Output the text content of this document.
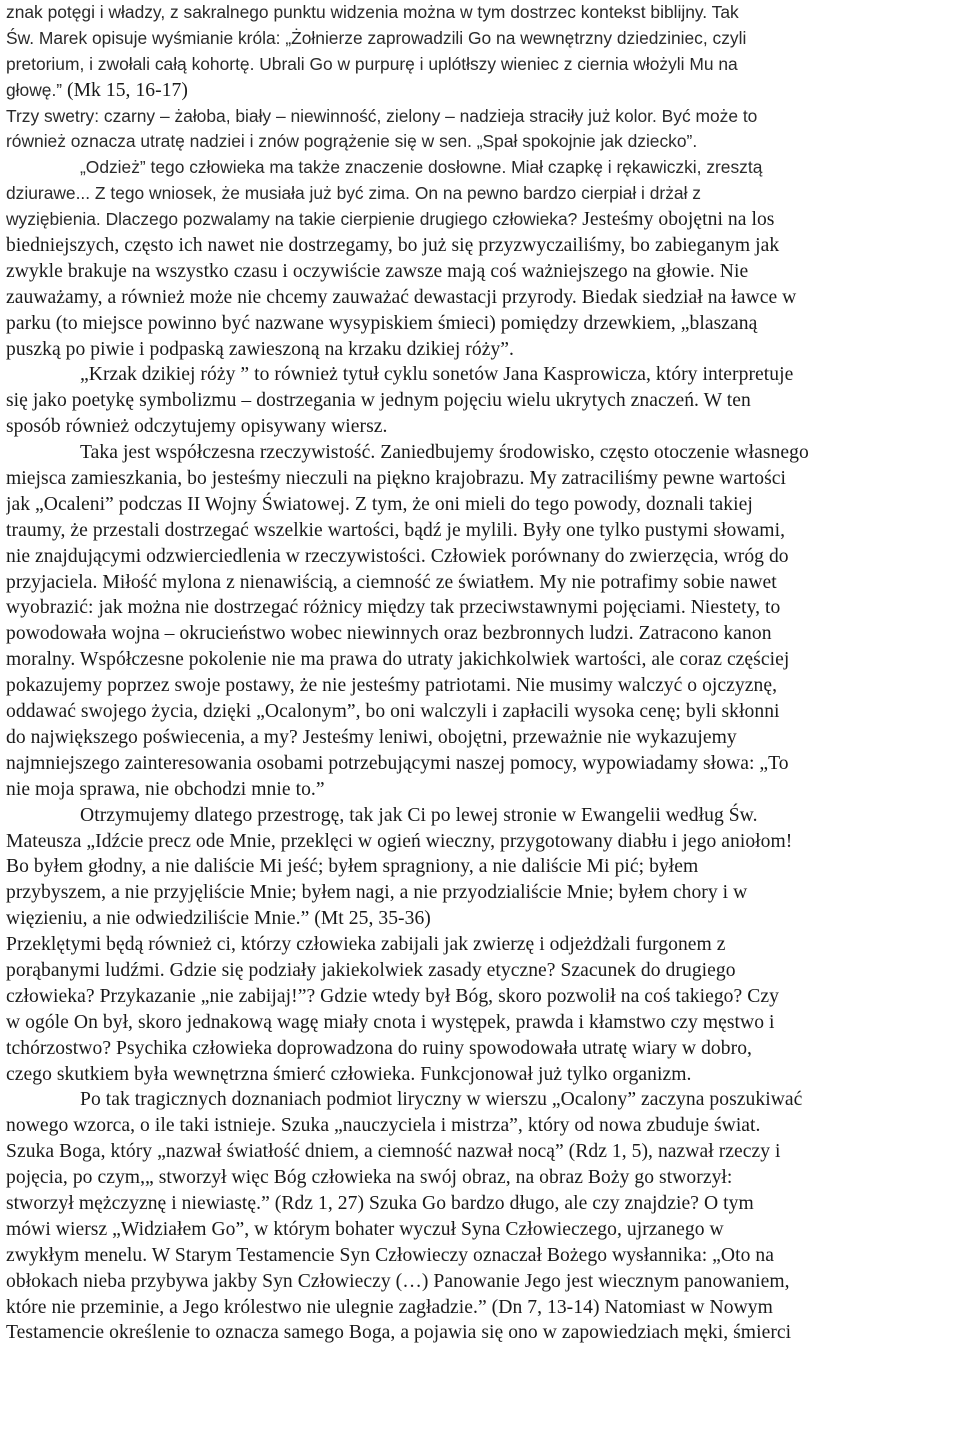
znak potęgi i władzy, z sakralnego punktu widzenia można w tym dostrzec kontekst biblijny. Tak
Św. Marek opisuje wyśmianie króla: „Żołnierze zaprowadzili Go na wewnętrzny dziedziniec, czyli
pretorium, i zwołali całą kohortę. Ubrali Go w purpurę i uplótłszy wieniec z ciernia włożyli Mu na
głowę.” (Mk 15, 16-17)
Trzy swetry: czarny – żałoba, biały – niewinność, zielony – nadzieja straciły już kolor. Być może to
również oznacza utratę nadziei i znów pogrążenie się w sen. „Spał spokojnie jak dziecko”.
„Odzież” tego człowieka ma także znaczenie dosłowne. Miał czapkę i rękawiczki, zresztą
dziurawe... Z tego wniosek, że musiała już być zima. On na pewno bardzo cierpiał i drżał z
wyziębienia. Dlaczego pozwalamy na takie cierpienie drugiego człowieka? Jesteśmy obojętni na los
biedniejszych, często ich nawet nie dostrzegamy, bo już się przyzwyczailiśmy, bo zabieganym jak
zwykle brakuje na wszystko czasu i oczywiście zawsze mają coś ważniejszego na głowie. Nie
zauważamy, a również może nie chcemy zauważać dewastacji przyrody. Biedak siedział na ławce w
parku (to miejsce powinno być nazwane wysypiskiem śmieci) pomiędzy drzewkiem, „blaszaną
puszką po piwie i podpaską zawieszoną na krzaku dzikiej róży”.
„Krzak dzikiej róży ” to również tytuł cyklu sonetów Jana Kasprowicza, który interpretuje
się jako poetykę symbolizmu – dostrzegania w jednym pojęciu wielu ukrytych znaczeń. W ten
sposób również odczytujemy opisywany wiersz.
Taka jest współczesna rzeczywistość. Zaniedbujemy środowisko, często otoczenie własnego
miejsca zamieszkania, bo jesteśmy nieczuli na piękno krajobrazu. My zatraciliśmy pewne wartości
jak „Ocaleni” podczas II Wojny Światowej. Z tym, że oni mieli do tego powody, doznali takiej
traumy, że przestali dostrzegać wszelkie wartości, bądź je mylili. Były one tylko pustymi słowami,
nie znajdującymi odzwierciedlenia w rzeczywistości. Człowiek porównany do zwierzęcia, wróg do
przyjaciela. Miłość mylona z nienawiścią, a ciemność ze światłem. My nie potrafimy sobie nawet
wyobrazić: jak można nie dostrzegać różnicy między tak przeciwstawnymi pojęciami. Niestety, to
powodowała wojna – okrucieństwo wobec niewinnych oraz bezbronnych ludzi. Zatracono kanon
moralny. Współczesne pokolenie nie ma prawa do utraty jakichkolwiek wartości, ale coraz częściej
pokazujemy poprzez swoje postawy, że nie jesteśmy patriotami. Nie musimy walczyć o ojczyznę,
oddawać swojego życia, dzięki „Ocalonym”, bo oni walczyli i zapłacili wysoka cenę; byli skłonni
do największego poświecenia, a my? Jesteśmy leniwi, obojętni, przeważnie nie wykazujemy
najmniejszego zainteresowania osobami potrzebującymi naszej pomocy, wypowiadamy słowa: „To
nie moja sprawa, nie obchodzi mnie to.”
Otrzymujemy dlatego przestrogę, tak jak Ci po lewej stronie w Ewangelii według Św.
Mateusza „Idźcie precz ode Mnie, przeklęci w ogień wieczny, przygotowany diabłu i jego aniołom!
Bo byłem głodny, a nie daliście Mi jeść; byłem spragniony, a nie daliście Mi pić; byłem
przybyszem, a nie przyjęliście Mnie; byłem nagi, a nie przyodzialiście Mnie; byłem chory i w
więzieniu, a nie odwiedziliście Mnie.” (Mt 25, 35-36)
Przeklętymi będą również ci, którzy człowieka zabijali jak zwierzę i odjeżdżali furgonem z
porąbanymi ludźmi. Gdzie się podziały jakiekolwiek zasady etyczne? Szacunek do drugiego
człowieka? Przykazanie „nie zabijaj!”? Gdzie wtedy był Bóg, skoro pozwolił na coś takiego? Czy
w ogóle On był, skoro jednakową wagę miały cnota i występek, prawda i kłamstwo czy męstwo i
tchórzostwo? Psychika człowieka doprowadzona do ruiny spowodowała utratę wiary w dobro,
czego skutkiem była wewnętrzna śmierć człowieka. Funkcjonował już tylko organizm.
Po tak tragicznych doznaniach podmiot liryczny w wierszu „Ocalony” zaczyna poszukiwać
nowego wzorca, o ile taki istnieje. Szuka „nauczyciela i mistrza”, który od nowa zbuduje świat.
Szuka Boga, który „nazwał światłość dniem, a ciemność nazwał nocą” (Rdz 1, 5), nazwał rzeczy i
pojęcia, po czym,„ stworzył więc Bóg człowieka na swój obraz, na obraz Boży go stworzył:
stworzył mężczyznę i niewiastę.” (Rdz 1, 27) Szuka Go bardzo długo, ale czy znajdzie? O tym
mówi wiersz „Widziałem Go”, w którym bohater wyczuł Syna Człowieczego, ujrzanego w
zwykłym menelu. W Starym Testamencie Syn Człowieczy oznaczał Bożego wysłannika: „Oto na
obłokach nieba przybywa jakby Syn Człowieczy (…) Panowanie Jego jest wiecznym panowaniem,
które nie przeminie, a Jego królestwo nie ulegnie zagładzie.” (Dn 7, 13-14) Natomiast w Nowym
Testamencie określenie to oznacza samego Boga, a pojawia się ono w zapowiedziach męki, śmierci
